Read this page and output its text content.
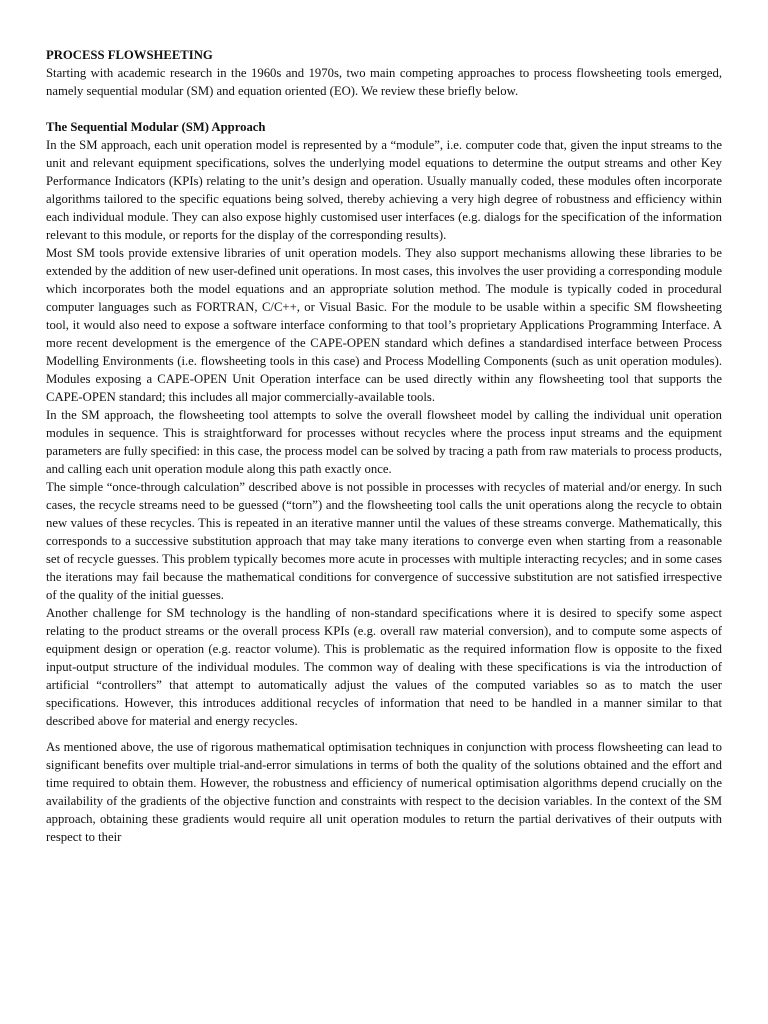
PROCESS FLOWSHEETING

Starting with academic research in the 1960s and 1970s, two main competing approaches to process flowsheeting tools emerged, namely sequential modular (SM) and equation oriented (EO). We review these briefly below.

The Sequential Modular (SM) Approach

In the SM approach, each unit operation model is represented by a “module”, i.e. computer code that, given the input streams to the unit and relevant equipment specifications, solves the underlying model equations to determine the output streams and other Key Performance Indicators (KPIs) relating to the unit’s design and operation. Usually manually coded, these modules often incorporate algorithms tailored to the specific equations being solved, thereby achieving a very high degree of robustness and efficiency within each individual module. They can also expose highly customised user interfaces (e.g. dialogs for the specification of the information relevant to this module, or reports for the display of the corresponding results).

Most SM tools provide extensive libraries of unit operation models. They also support mechanisms allowing these libraries to be extended by the addition of new user-defined unit operations. In most cases, this involves the user providing a corresponding module which incorporates both the model equations and an appropriate solution method. The module is typically coded in procedural computer languages such as FORTRAN, C/C++, or Visual Basic. For the module to be usable within a specific SM flowsheeting tool, it would also need to expose a software interface conforming to that tool’s proprietary Applications Programming Interface. A more recent development is the emergence of the CAPE-OPEN standard which defines a standardised interface between Process Modelling Environments (i.e. flowsheeting tools in this case) and Process Modelling Components (such as unit operation modules). Modules exposing a CAPE-OPEN Unit Operation interface can be used directly within any flowsheeting tool that supports the CAPE-OPEN standard; this includes all major commercially-available tools.

In the SM approach, the flowsheeting tool attempts to solve the overall flowsheet model by calling the individual unit operation modules in sequence. This is straightforward for processes without recycles where the process input streams and the equipment parameters are fully specified: in this case, the process model can be solved by tracing a path from raw materials to process products, and calling each unit operation module along this path exactly once.

The simple “once-through calculation” described above is not possible in processes with recycles of material and/or energy. In such cases, the recycle streams need to be guessed (“torn”) and the flowsheeting tool calls the unit operations along the recycle to obtain new values of these recycles. This is repeated in an iterative manner until the values of these streams converge. Mathematically, this corresponds to a successive substitution approach that may take many iterations to converge even when starting from a reasonable set of recycle guesses. This problem typically becomes more acute in processes with multiple interacting recycles; and in some cases the iterations may fail because the mathematical conditions for convergence of successive substitution are not satisfied irrespective of the quality of the initial guesses.

Another challenge for SM technology is the handling of non-standard specifications where it is desired to specify some aspect relating to the product streams or the overall process KPIs (e.g. overall raw material conversion), and to compute some aspects of equipment design or operation (e.g. reactor volume). This is problematic as the required information flow is opposite to the fixed input-output structure of the individual modules. The common way of dealing with these specifications is via the introduction of artificial “controllers” that attempt to automatically adjust the values of the computed variables so as to match the user specifications. However, this introduces additional recycles of information that need to be handled in a manner similar to that described above for material and energy recycles.

As mentioned above, the use of rigorous mathematical optimisation techniques in conjunction with process flowsheeting can lead to significant benefits over multiple trial-and-error simulations in terms of both the quality of the solutions obtained and the effort and time required to obtain them. However, the robustness and efficiency of numerical optimisation algorithms depend crucially on the availability of the gradients of the objective function and constraints with respect to the decision variables. In the context of the SM approach, obtaining these gradients would require all unit operation modules to return the partial derivatives of their outputs with respect to their
